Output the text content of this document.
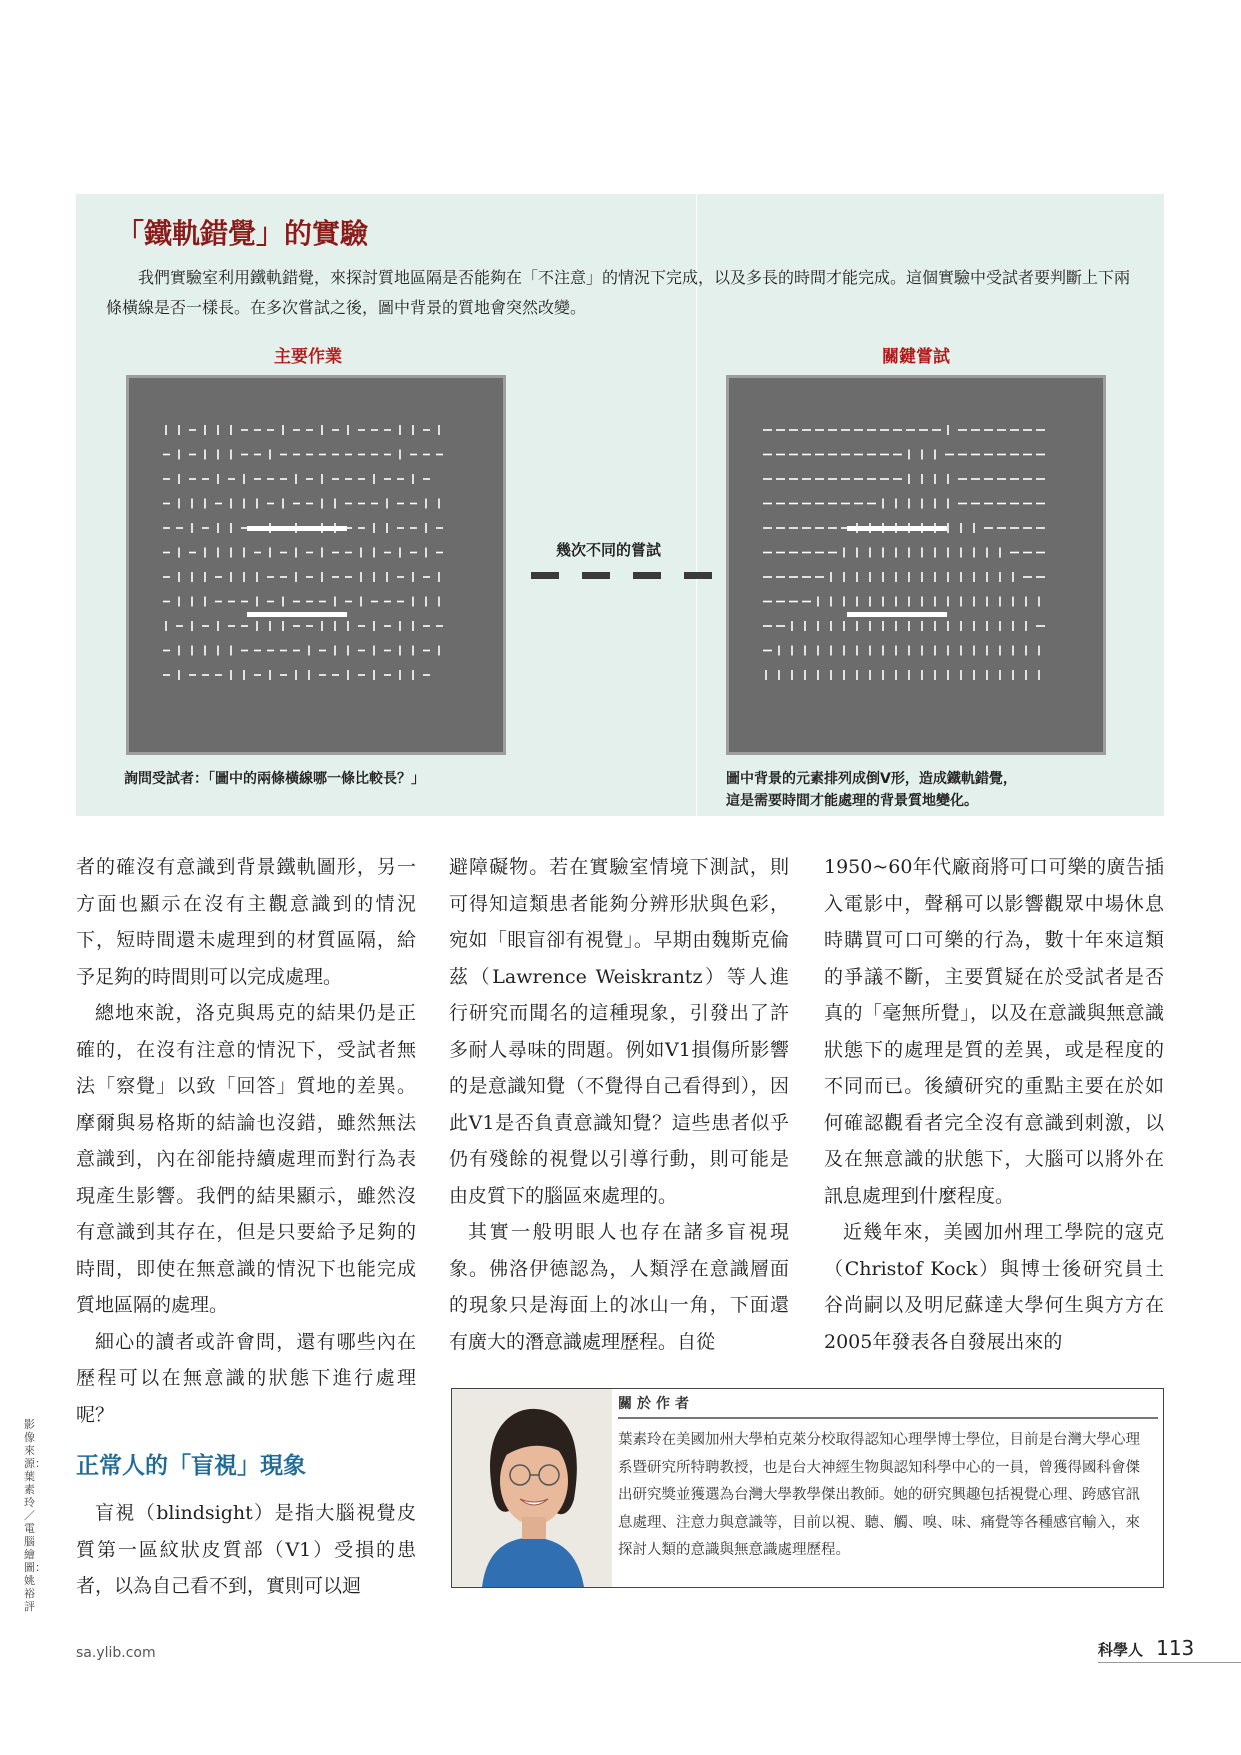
「鐵軌錯覺」的實驗
我們實驗室利用鐵軌錯覺，來探討質地區隔是否能夠在「不注意」的情況下完成，以及多長的時間才能完成。這個實驗中受試者要判斷上下兩條橫線是否一樣長。在多次嘗試之後，圖中背景的質地會突然改變。
主要作業	關鍵嘗試
幾次不同的嘗試
詢問受試者：「圖中的兩條橫線哪一條比較長？」	圖中背景的元素排列成倒V形，造成鐵軌錯覺，
這是需要時間才能處理的背景質地變化。

者的確沒有意識到背景鐵軌圖形，另一方面也顯示在沒有主觀意識到的情況下，短時間還未處理到的材質區隔，給予足夠的時間則可以完成處理。

總地來說，洛克與馬克的結果仍是正確的，在沒有注意的情況下，受試者無法「察覺」以致「回答」質地的差異。摩爾與易格斯的結論也沒錯，雖然無法意識到，內在卻能持續處理而對行為表現產生影響。我們的結果顯示，雖然沒有意識到其存在，但是只要給予足夠的時間，即使在無意識的情況下也能完成質地區隔的處理。

細心的讀者或許會問，還有哪些內在歷程可以在無意識的狀態下進行處理呢？

正常人的「盲視」現象

盲視（blindsight）是指大腦視覺皮質第一區紋狀皮質部（V1）受損的患者，以為自己看不到，實則可以迴

避障礙物。若在實驗室情境下測試，則可得知這類患者能夠分辨形狀與色彩，宛如「眼盲卻有視覺」。早期由魏斯克倫茲（Lawrence Weiskrantz）等人進行研究而聞名的這種現象，引發出了許多耐人尋味的問題。例如V1損傷所影響的是意識知覺（不覺得自己看得到），因此V1是否負責意識知覺？這些患者似乎仍有殘餘的視覺以引導行動，則可能是由皮質下的腦區來處理的。

其實一般明眼人也存在諸多盲視現象。佛洛伊德認為，人類浮在意識層面的現象只是海面上的冰山一角，下面還有廣大的潛意識處理歷程。自從

1950~60年代廠商將可口可樂的廣告插入電影中，聲稱可以影響觀眾中場休息時購買可口可樂的行為，數十年來這類的爭議不斷，主要質疑在於受試者是否真的「毫無所覺」，以及在意識與無意識狀態下的處理是質的差異，或是程度的不同而已。後續研究的重點主要在於如何確認觀看者完全沒有意識到刺激，以及在無意識的狀態下，大腦可以將外在訊息處理到什麼程度。

近幾年來，美國加州理工學院的寇克（Christof Kock）與博士後研究員土谷尚嗣以及明尼蘇達大學何生與方方在2005年發表各自發展出來的

影像來源：葉素玲／電腦繪圖：姚裕評
關於作者
葉素玲在美國加州大學柏克萊分校取得認知心理學博士學位，目前是台灣大學心理系暨研究所特聘教授，也是台大神經生物與認知科學中心的一員，曾獲得國科會傑出研究獎並獲選為台灣大學教學傑出教師。她的研究興趣包括視覺心理、跨感官訊息處理、注意力與意識等，目前以視、聽、觸、嗅、味、痛覺等各種感官輸入，來探討人類的意識與無意識處理歷程。
sa.ylib.com	科學人 113
